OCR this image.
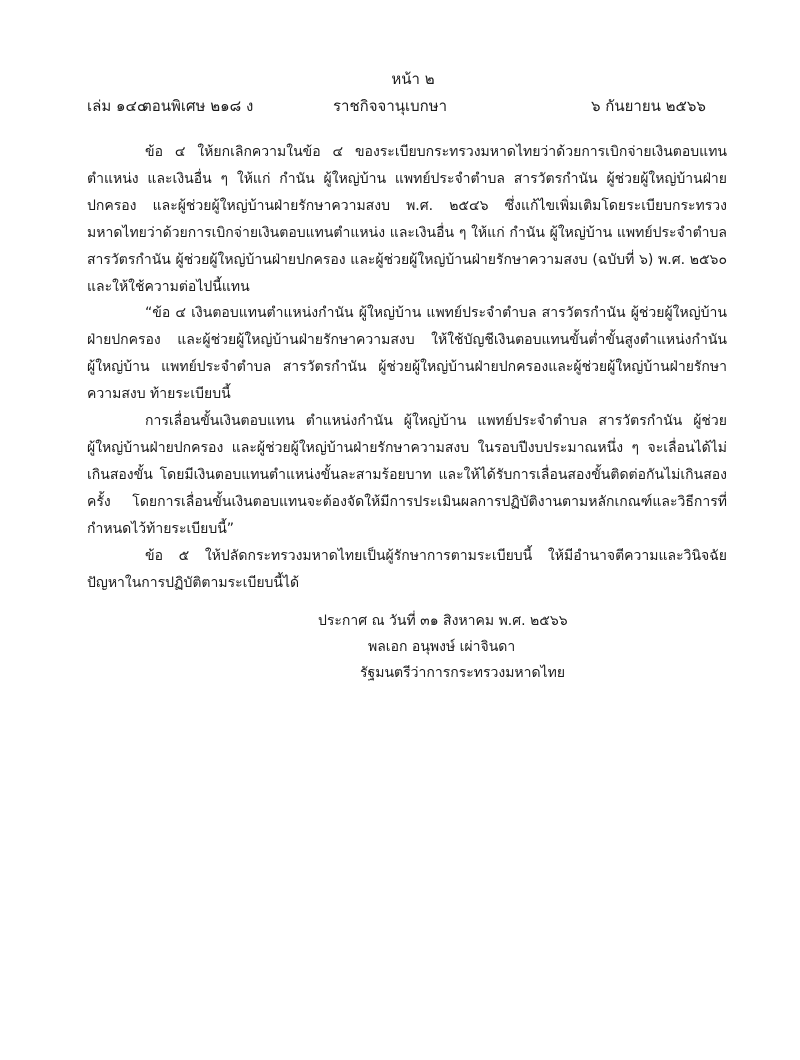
หน้า ๒
เล่ม ๑๔๐
ตอนพิเศษ ๒๑๘ ง	ราชกิจจานุเบกษา	๖ กันยายน ๒๕๖๖

ข้อ ๔ ให้ยกเลิกความในข้อ ๔ ของระเบียบกระทรวงมหาดไทยว่าด้วยการเบิกจ่ายเงินตอบแทนตำแหน่ง และเงินอื่น ๆ ให้แก่ กำนัน ผู้ใหญ่บ้าน แพทย์ประจำตำบล สารวัตรกำนัน ผู้ช่วยผู้ใหญ่บ้านฝ่ายปกครอง และผู้ช่วยผู้ใหญ่บ้านฝ่ายรักษาความสงบ พ.ศ. ๒๕๔๖ ซึ่งแก้ไขเพิ่มเติมโดยระเบียบกระทรวงมหาดไทยว่าด้วยการเบิกจ่ายเงินตอบแทนตำแหน่ง และเงินอื่น ๆ ให้แก่ กำนัน ผู้ใหญ่บ้าน แพทย์ประจำตำบล สารวัตรกำนัน ผู้ช่วยผู้ใหญ่บ้านฝ่ายปกครอง และผู้ช่วยผู้ใหญ่บ้านฝ่ายรักษาความสงบ (ฉบับที่ ๖) พ.ศ. ๒๕๖๐ และให้ใช้ความต่อไปนี้แทน

“ข้อ ๔ เงินตอบแทนตำแหน่งกำนัน ผู้ใหญ่บ้าน แพทย์ประจำตำบล สารวัตรกำนัน ผู้ช่วยผู้ใหญ่บ้านฝ่ายปกครอง และผู้ช่วยผู้ใหญ่บ้านฝ่ายรักษาความสงบ ให้ใช้บัญชีเงินตอบแทนขั้นต่ำขั้นสูงตำแหน่งกำนัน ผู้ใหญ่บ้าน แพทย์ประจำตำบล สารวัตรกำนัน ผู้ช่วยผู้ใหญ่บ้านฝ่ายปกครองและผู้ช่วยผู้ใหญ่บ้านฝ่ายรักษาความสงบ ท้ายระเบียบนี้

การเลื่อนขั้นเงินตอบแทน ตำแหน่งกำนัน ผู้ใหญ่บ้าน แพทย์ประจำตำบล สารวัตรกำนัน ผู้ช่วยผู้ใหญ่บ้านฝ่ายปกครอง และผู้ช่วยผู้ใหญ่บ้านฝ่ายรักษาความสงบ ในรอบปีงบประมาณหนึ่ง ๆ จะเลื่อนได้ไม่เกินสองขั้น โดยมีเงินตอบแทนตำแหน่งขั้นละสามร้อยบาท และให้ได้รับการเลื่อนสองขั้นติดต่อกันไม่เกินสองครั้ง โดยการเลื่อนขั้นเงินตอบแทนจะต้องจัดให้มีการประเมินผลการปฏิบัติงานตามหลักเกณฑ์และวิธีการที่กำหนดไว้ท้ายระเบียบนี้”

ข้อ ๕ ให้ปลัดกระทรวงมหาดไทยเป็นผู้รักษาการตามระเบียบนี้ ให้มีอำนาจตีความและวินิจฉัยปัญหาในการปฏิบัติตามระเบียบนี้ได้

ประกาศ ณ วันที่ ๓๑ สิงหาคม พ.ศ. ๒๕๖๖
พลเอก อนุพงษ์ เผ่าจินดา
รัฐมนตรีว่าการกระทรวงมหาดไทย
